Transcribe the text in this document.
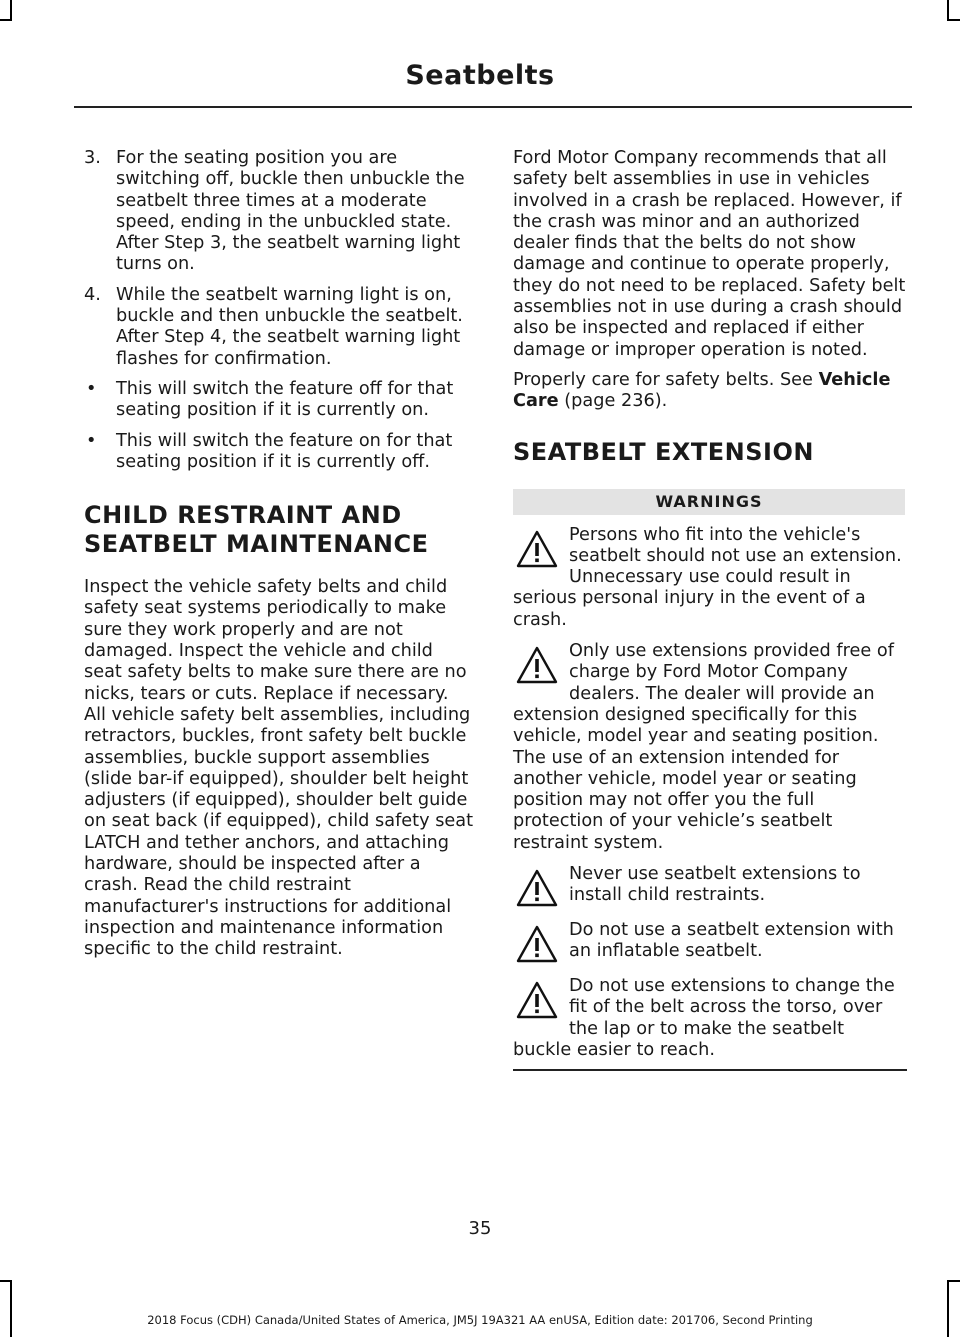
Seatbelts
3. For the seating position you are switching off, buckle then unbuckle the seatbelt three times at a moderate speed, ending in the unbuckled state. After Step 3, the seatbelt warning light turns on.
4. While the seatbelt warning light is on, buckle and then unbuckle the seatbelt. After Step 4, the seatbelt warning light flashes for confirmation.
• This will switch the feature off for that seating position if it is currently on.
• This will switch the feature on for that seating position if it is currently off.
CHILD RESTRAINT AND
SEATBELT MAINTENANCE

Inspect the vehicle safety belts and child safety seat systems periodically to make sure they work properly and are not damaged. Inspect the vehicle and child seat safety belts to make sure there are no nicks, tears or cuts. Replace if necessary. All vehicle safety belt assemblies, including retractors, buckles, front safety belt buckle assemblies, buckle support assemblies (slide bar-if equipped), shoulder belt height adjusters (if equipped), shoulder belt guide on seat back (if equipped), child safety seat LATCH and tether anchors, and attaching hardware, should be inspected after a crash. Read the child restraint manufacturer's instructions for additional inspection and maintenance information specific to the child restraint.

Ford Motor Company recommends that all safety belt assemblies in use in vehicles involved in a crash be replaced. However, if the crash was minor and an authorized dealer finds that the belts do not show damage and continue to operate properly, they do not need to be replaced. Safety belt assemblies not in use during a crash should also be inspected and replaced if either damage or improper operation is noted.

Properly care for safety belts. See Vehicle Care (page 236).

SEATBELT EXTENSION
WARNINGS

Persons who fit into the vehicle's seatbelt should not use an extension. Unnecessary use could result in serious personal injury in the event of a crash.

Only use extensions provided free of charge by Ford Motor Company dealers. The dealer will provide an extension designed specifically for this vehicle, model year and seating position. The use of an extension intended for another vehicle, model year or seating position may not offer you the full protection of your vehicle’s seatbelt restraint system.

Never use seatbelt extensions to install child restraints.

Do not use a seatbelt extension with an inflatable seatbelt.

Do not use extensions to change the fit of the belt across the torso, over the lap or to make the seatbelt buckle easier to reach.

35

2018 Focus (CDH) Canada/United States of America, JM5J 19A321 AA enUSA, Edition date: 201706, Second Printing
